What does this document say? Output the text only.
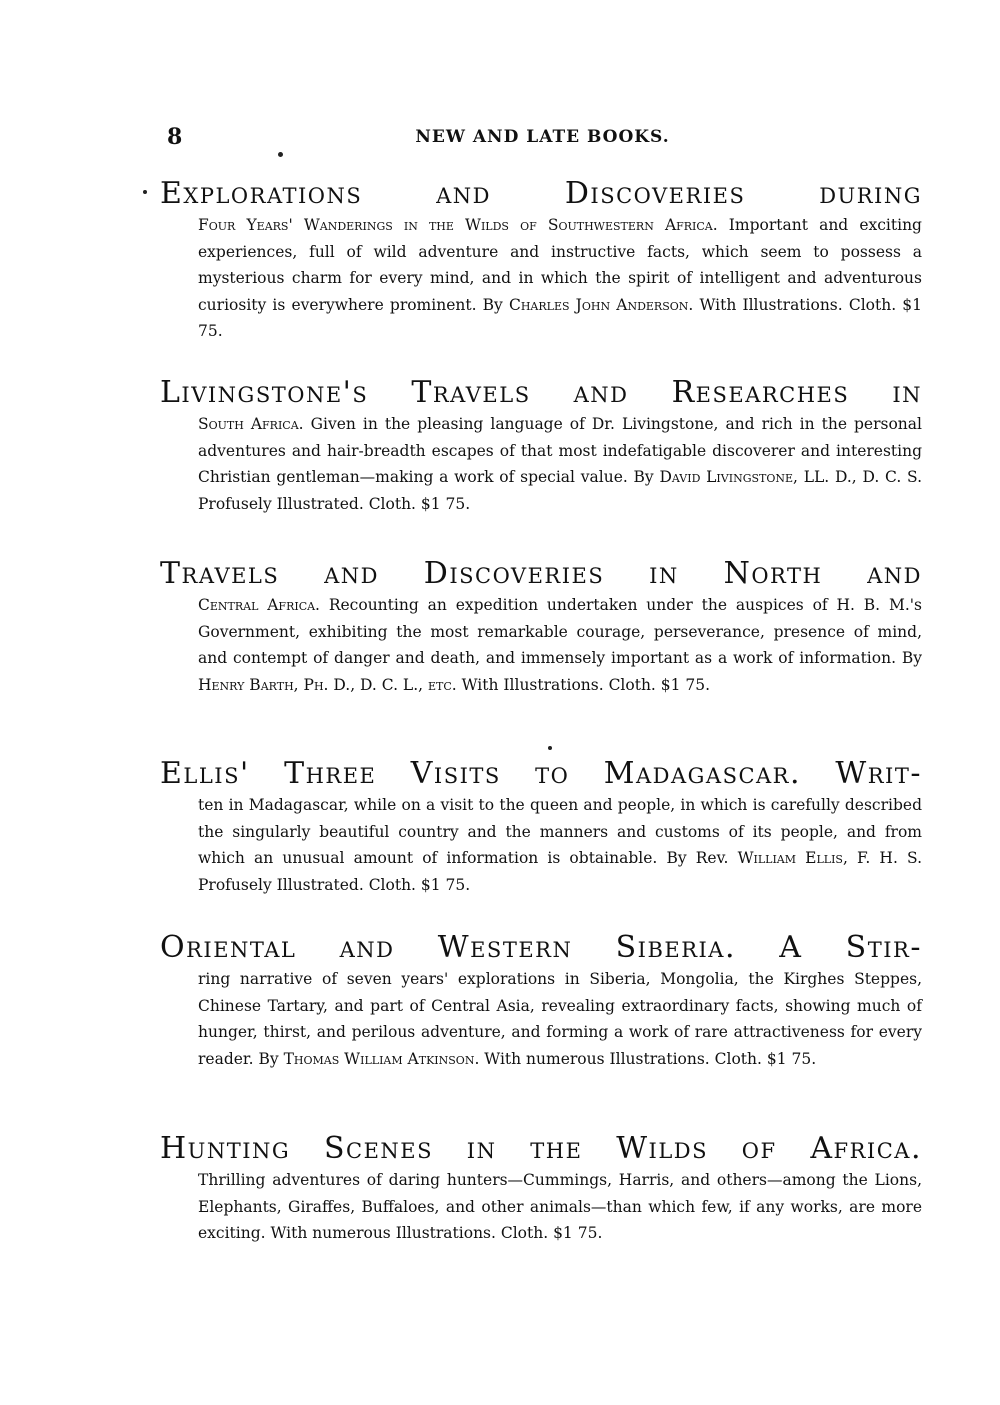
8	NEW AND LATE BOOKS.
Explorations and Discoveries during
Four Years' Wanderings in the Wilds of Southwestern Africa. Important and exciting experiences, full of wild adventure and instructive facts, which seem to possess a mysterious charm for every mind, and in which the spirit of intelligent and adventurous curiosity is everywhere prominent. By Charles John Anderson. With Illustrations. Cloth. $1 75.
Livingstone's Travels and Researches in
South Africa. Given in the pleasing language of Dr. Livingstone, and rich in the personal adventures and hair-breadth escapes of that most indefatigable discoverer and interesting Christian gentleman—making a work of special value. By David Livingstone, LL. D., D. C. S. Profusely Illustrated. Cloth. $1 75.
Travels and Discoveries in North and
Central Africa. Recounting an expedition undertaken under the auspices of H. B. M.'s Government, exhibiting the most remarkable courage, perseverance, presence of mind, and contempt of danger and death, and immensely important as a work of information. By Henry Barth, Ph. D., D. C. L., etc. With Illustrations. Cloth. $1 75.
Ellis' Three Visits to Madagascar. Writ-
ten in Madagascar, while on a visit to the queen and people, in which is carefully described the singularly beautiful country and the manners and customs of its people, and from which an unusual amount of information is obtainable. By Rev. William Ellis, F. H. S. Profusely Illustrated. Cloth. $1 75.
Oriental and Western Siberia. A Stir-
ring narrative of seven years' explorations in Siberia, Mongolia, the Kirghes Steppes, Chinese Tartary, and part of Central Asia, revealing extraordinary facts, showing much of hunger, thirst, and perilous adventure, and forming a work of rare attractiveness for every reader. By Thomas William Atkinson. With numerous Illustrations. Cloth. $1 75.
Hunting Scenes in the Wilds of Africa.
Thrilling adventures of daring hunters—Cummings, Harris, and others—among the Lions, Elephants, Giraffes, Buffaloes, and other animals—than which few, if any works, are more exciting. With numerous Illustrations. Cloth. $1 75.
